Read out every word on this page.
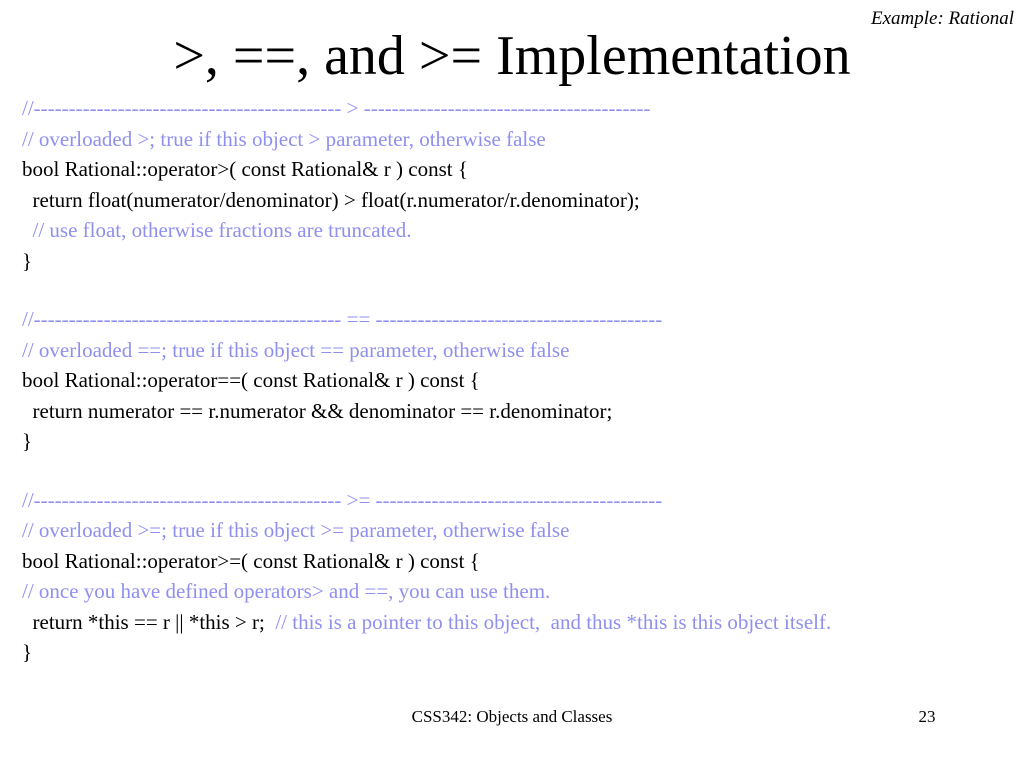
Example: Rational
>, ==, and >= Implementation
//-------------------------------------------- > -----------------------------------------
// overloaded >; true if this object > parameter, otherwise false
bool Rational::operator>( const Rational& r ) const {
return float(numerator/denominator) > float(r.numerator/r.denominator);
// use float, otherwise fractions are truncated.
}
//-------------------------------------------- == -----------------------------------------
// overloaded ==; true if this object == parameter, otherwise false
bool Rational::operator==( const Rational& r ) const {
return numerator == r.numerator && denominator == r.denominator;
}
//-------------------------------------------- >= -----------------------------------------
// overloaded >=; true if this object >= parameter, otherwise false
bool Rational::operator>=( const Rational& r ) const {
// once you have defined operators> and ==, you can use them.
return *this == r || *this > r;  // this is a pointer to this object,  and thus *this is this object itself.
}
CSS342: Objects and Classes	23
